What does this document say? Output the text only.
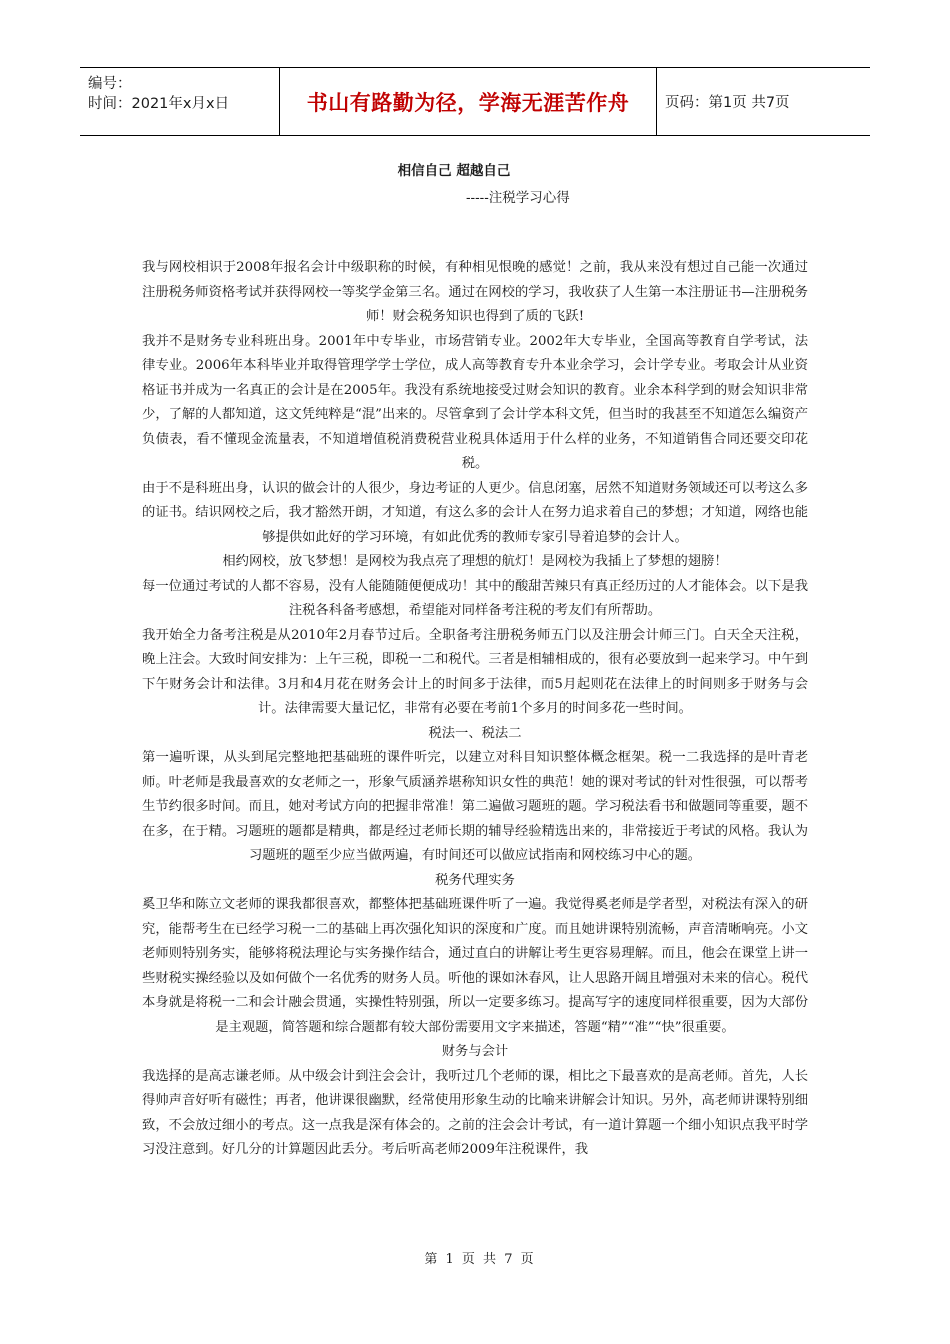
编号：
时间：2021年x月x日	书山有路勤为径，学海无涯苦作舟	页码：第1页 共7页
相信自己 超越自己
-----注税学习心得

我与网校相识于2008年报名会计中级职称的时候，有种相见恨晚的感觉！之前，我从来没有想过自己能一次通过注册税务师资格考试并获得网校一等奖学金第三名。通过在网校的学习，我收获了人生第一本注册证书—注册税务师！财会税务知识也得到了质的飞跃!

我并不是财务专业科班出身。2001年中专毕业，市场营销专业。2002年大专毕业，全国高等教育自学考试，法律专业。2006年本科毕业并取得管理学学士学位，成人高等教育专升本业余学习，会计学专业。考取会计从业资格证书并成为一名真正的会计是在2005年。我没有系统地接受过财会知识的教育。业余本科学到的财会知识非常少，了解的人都知道，这文凭纯粹是“混”出来的。尽管拿到了会计学本科文凭，但当时的我甚至不知道怎么编资产负债表，看不懂现金流量表，不知道增值税消费税营业税具体适用于什么样的业务，不知道销售合同还要交印花税。

由于不是科班出身，认识的做会计的人很少，身边考证的人更少。信息闭塞，居然不知道财务领域还可以考这么多的证书。结识网校之后，我才豁然开朗，才知道，有这么多的会计人在努力追求着自己的梦想；才知道，网络也能够提供如此好的学习环境，有如此优秀的教师专家引导着追梦的会计人。

相约网校，放飞梦想！是网校为我点亮了理想的航灯！是网校为我插上了梦想的翅膀！

每一位通过考试的人都不容易，没有人能随随便便成功！其中的酸甜苦辣只有真正经历过的人才能体会。以下是我注税各科备考感想，希望能对同样备考注税的考友们有所帮助。

我开始全力备考注税是从2010年2月春节过后。全职备考注册税务师五门以及注册会计师三门。白天全天注税，晚上注会。大致时间安排为：上午三税，即税一二和税代。三者是相辅相成的，很有必要放到一起来学习。中午到下午财务会计和法律。3月和4月花在财务会计上的时间多于法律，而5月起则花在法律上的时间则多于财务与会计。法律需要大量记忆，非常有必要在考前1个多月的时间多花一些时间。

税法一、税法二

第一遍听课，从头到尾完整地把基础班的课件听完，以建立对科目知识整体概念框架。税一二我选择的是叶青老师。叶老师是我最喜欢的女老师之一，形象气质涵养堪称知识女性的典范！她的课对考试的针对性很强，可以帮考生节约很多时间。而且，她对考试方向的把握非常准！第二遍做习题班的题。学习税法看书和做题同等重要，题不在多，在于精。习题班的题都是精典，都是经过老师长期的辅导经验精选出来的，非常接近于考试的风格。我认为习题班的题至少应当做两遍，有时间还可以做应试指南和网校练习中心的题。

税务代理实务

奚卫华和陈立文老师的课我都很喜欢，都整体把基础班课件听了一遍。我觉得奚老师是学者型，对税法有深入的研究，能帮考生在已经学习税一二的基础上再次强化知识的深度和广度。而且她讲课特别流畅，声音清晰响亮。小文老师则特别务实，能够将税法理论与实务操作结合，通过直白的讲解让考生更容易理解。而且，他会在课堂上讲一些财税实操经验以及如何做个一名优秀的财务人员。听他的课如沐春风，让人思路开阔且增强对未来的信心。税代本身就是将税一二和会计融会贯通，实操性特别强，所以一定要多练习。提高写字的速度同样很重要，因为大部份是主观题，简答题和综合题都有较大部份需要用文字来描述，答题“精”“准”“快”很重要。

财务与会计

我选择的是高志谦老师。从中级会计到注会会计，我听过几个老师的课，相比之下最喜欢的是高老师。首先，人长得帅声音好听有磁性；再者，他讲课很幽默，经常使用形象生动的比喻来讲解会计知识。另外，高老师讲课特别细致，不会放过细小的考点。这一点我是深有体会的。之前的注会会计考试，有一道计算题一个细小知识点我平时学习没注意到。好几分的计算题因此丢分。考后听高老师2009年注税课件，我

第 1 页 共 7 页
